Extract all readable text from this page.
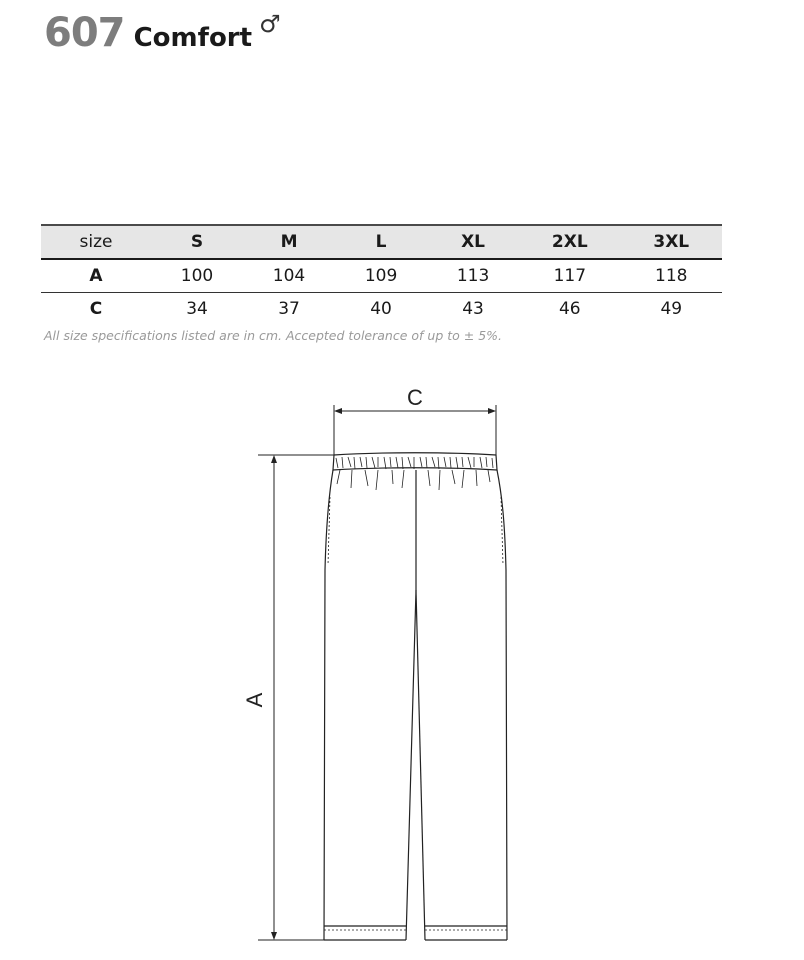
607 Comfort ♂
size	S	M	L	XL	2XL	3XL
A	100	104	109	113	117	118
C	34	37	40	43	46	49
All size specifications listed are in cm. Accepted tolerance of up to ± 5%.
C
A
